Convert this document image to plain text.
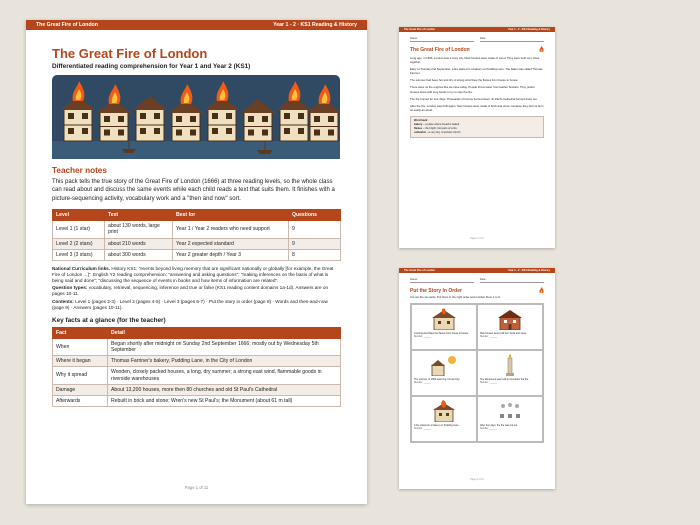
The Great Fire of London	Year 1 - 2 · KS1 Reading & History
The Great Fire of London
Differentiated reading comprehension for Year 1 and Year 2 (KS1)
Teacher notes

This pack tells the true story of the Great Fire of London (1666) at three reading levels, so the whole class can read about and discuss the same events while each child reads a text that suits them. It finishes with a picture-sequencing activity, vocabulary work and a "then and now" sort.

Level	Text	Best for	Questions
Level 1 (1 star)	about 130 words, large print	Year 1 / Year 2 readers who need support	9
Level 2 (2 stars)	about 210 words	Year 2 expected standard	9
Level 3 (3 stars)	about 300 words	Year 2 greater depth / Year 3	8

National Curriculum links. History KS1: "events beyond living memory that are significant nationally or globally [for example, the Great Fire of London ...]". English Y2 reading comprehension: "answering and asking questions"; "making inferences on the basis of what is being said and done"; "discussing the sequence of events in books and how items of information are related".

Question types: vocabulary, retrieval, sequencing, inference and true or false (KS1 reading content domains 1a-1d). Answers are on pages 10-11.

Contents: Level 1 (pages 2-3) · Level 2 (pages 4-5) · Level 3 (pages 6-7) · Put the story in order (page 8) · Words and then-and-now (page 9) · Answers (pages 10-11).

Key facts at a glance (for the teacher)
Fact	Detail
When	Began shortly after midnight on Sunday 2nd September 1666; mostly out by Wednesday 5th September
Where it began	Thomas Farriner's bakery, Pudding Lane, in the City of London
Why it spread	Wooden, closely packed houses, a long, dry summer; a strong east wind, flammable goods in riverside warehouses
Damage	About 13,200 houses, more then 80 churches and old St Paul's Cathedral
Afterwards	Rebuilt in brick and stone; Wren's new St Paul's; the Monument (about 61 m tall)
Page 1 of 11
The Great Fire of London	Year 1 - 2 · KS1 Reading & History
Name:	Date:
The Great Fire of London

Long ago, in 1666, London was a busy city. Most houses were made of wood. They were built very close together.

Early on Sunday 2nd September, a fire started in a bakery on Pudding Lane. The baker was called Thomas Farriner.

The summer had been hot and dry. A strong wind blew the flames from house to house.

There were no fire engines like we have today. People threw water from leather buckets. They pulled houses down with long hooks to try to stop the fire.

The fire burned for four days. Thousands of homes burned down. St Paul's Cathedral burned down too.

After the fire, London was built again. New houses were made of brick and stone, because they did not burn as easily as wood.

Word bank
bakery – a place where bread is baked
flames – the bright, hot parts of a fire
cathedral – a very big, important church
Page 2 of 11
The Great Fire of London	Year 1 - 2 · KS1 Reading & History
Name:	Date:
Put the Story In Order

Cut out the six cards. Put them in the right order and number them 1 to 6.

A strong wind blew the flames from house to house.
Number: ______
New houses were built from brick and stone.
Number: ______
The summer of 1666 was long, hot and dry.
Number: ______
The Monument was built to remember the fire.
Number: ______
A fire started in a bakery on Pudding Lane.
Number: ______
After four days, the fire was put out.
Number: ______
Page 8 of 11
